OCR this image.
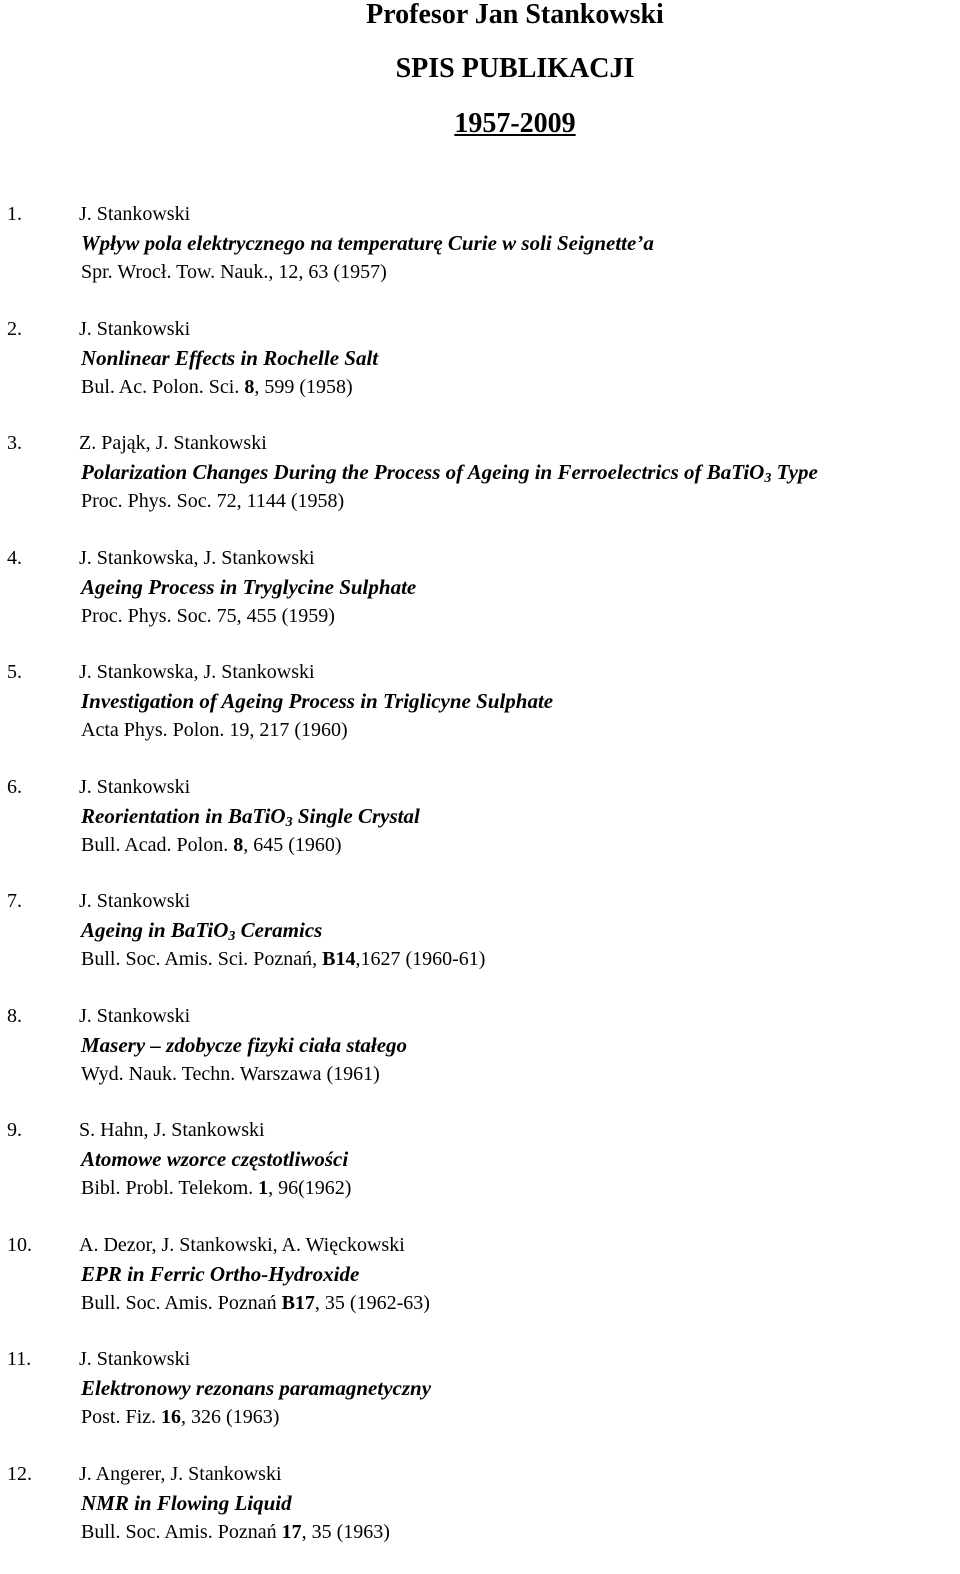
Profesor Jan Stankowski
SPIS PUBLIKACJI
1957-2009
1.	J. Stankowski
Wpływ pola elektrycznego na temperaturę Curie w soli Seignette’a
Spr. Wrocł. Tow. Nauk., 12, 63 (1957)
2.	J. Stankowski
Nonlinear Effects in Rochelle Salt
Bul. Ac. Polon. Sci. 8, 599 (1958)
3.	Z. Pająk, J. Stankowski
Polarization Changes During the Process of Ageing in Ferroelectrics of BaTiO$_3$ Type
Proc. Phys. Soc. 72, 1144 (1958)
4.	J. Stankowska, J. Stankowski
Ageing Process in Tryglycine Sulphate
Proc. Phys. Soc. 75, 455 (1959)
5.	J. Stankowska, J. Stankowski
Investigation of Ageing Process in Triglicyne Sulphate
Acta Phys. Polon. 19, 217 (1960)
6.	J. Stankowski
Reorientation in BaTiO$_3$ Single Crystal
Bull. Acad. Polon. 8, 645 (1960)
7.	J. Stankowski
Ageing in BaTiO$_3$ Ceramics
Bull. Soc. Amis. Sci. Poznań, B14,1627 (1960-61)
8.	J. Stankowski
Masery – zdobycze fizyki ciała stałego
Wyd. Nauk. Techn. Warszawa (1961)
9.	S. Hahn, J. Stankowski
Atomowe wzorce częstotliwości
Bibl. Probl. Telekom. 1, 96(1962)
10. A. Dezor, J. Stankowski, A. Więckowski
EPR in Ferric Ortho-Hydroxide
Bull. Soc. Amis. Poznań B17, 35 (1962-63)
11. J. Stankowski
Elektronowy rezonans paramagnetyczny
Post. Fiz. 16, 326 (1963)
12. J. Angerer, J. Stankowski
NMR in Flowing Liquid
Bull. Soc. Amis. Poznań 17, 35 (1963)
